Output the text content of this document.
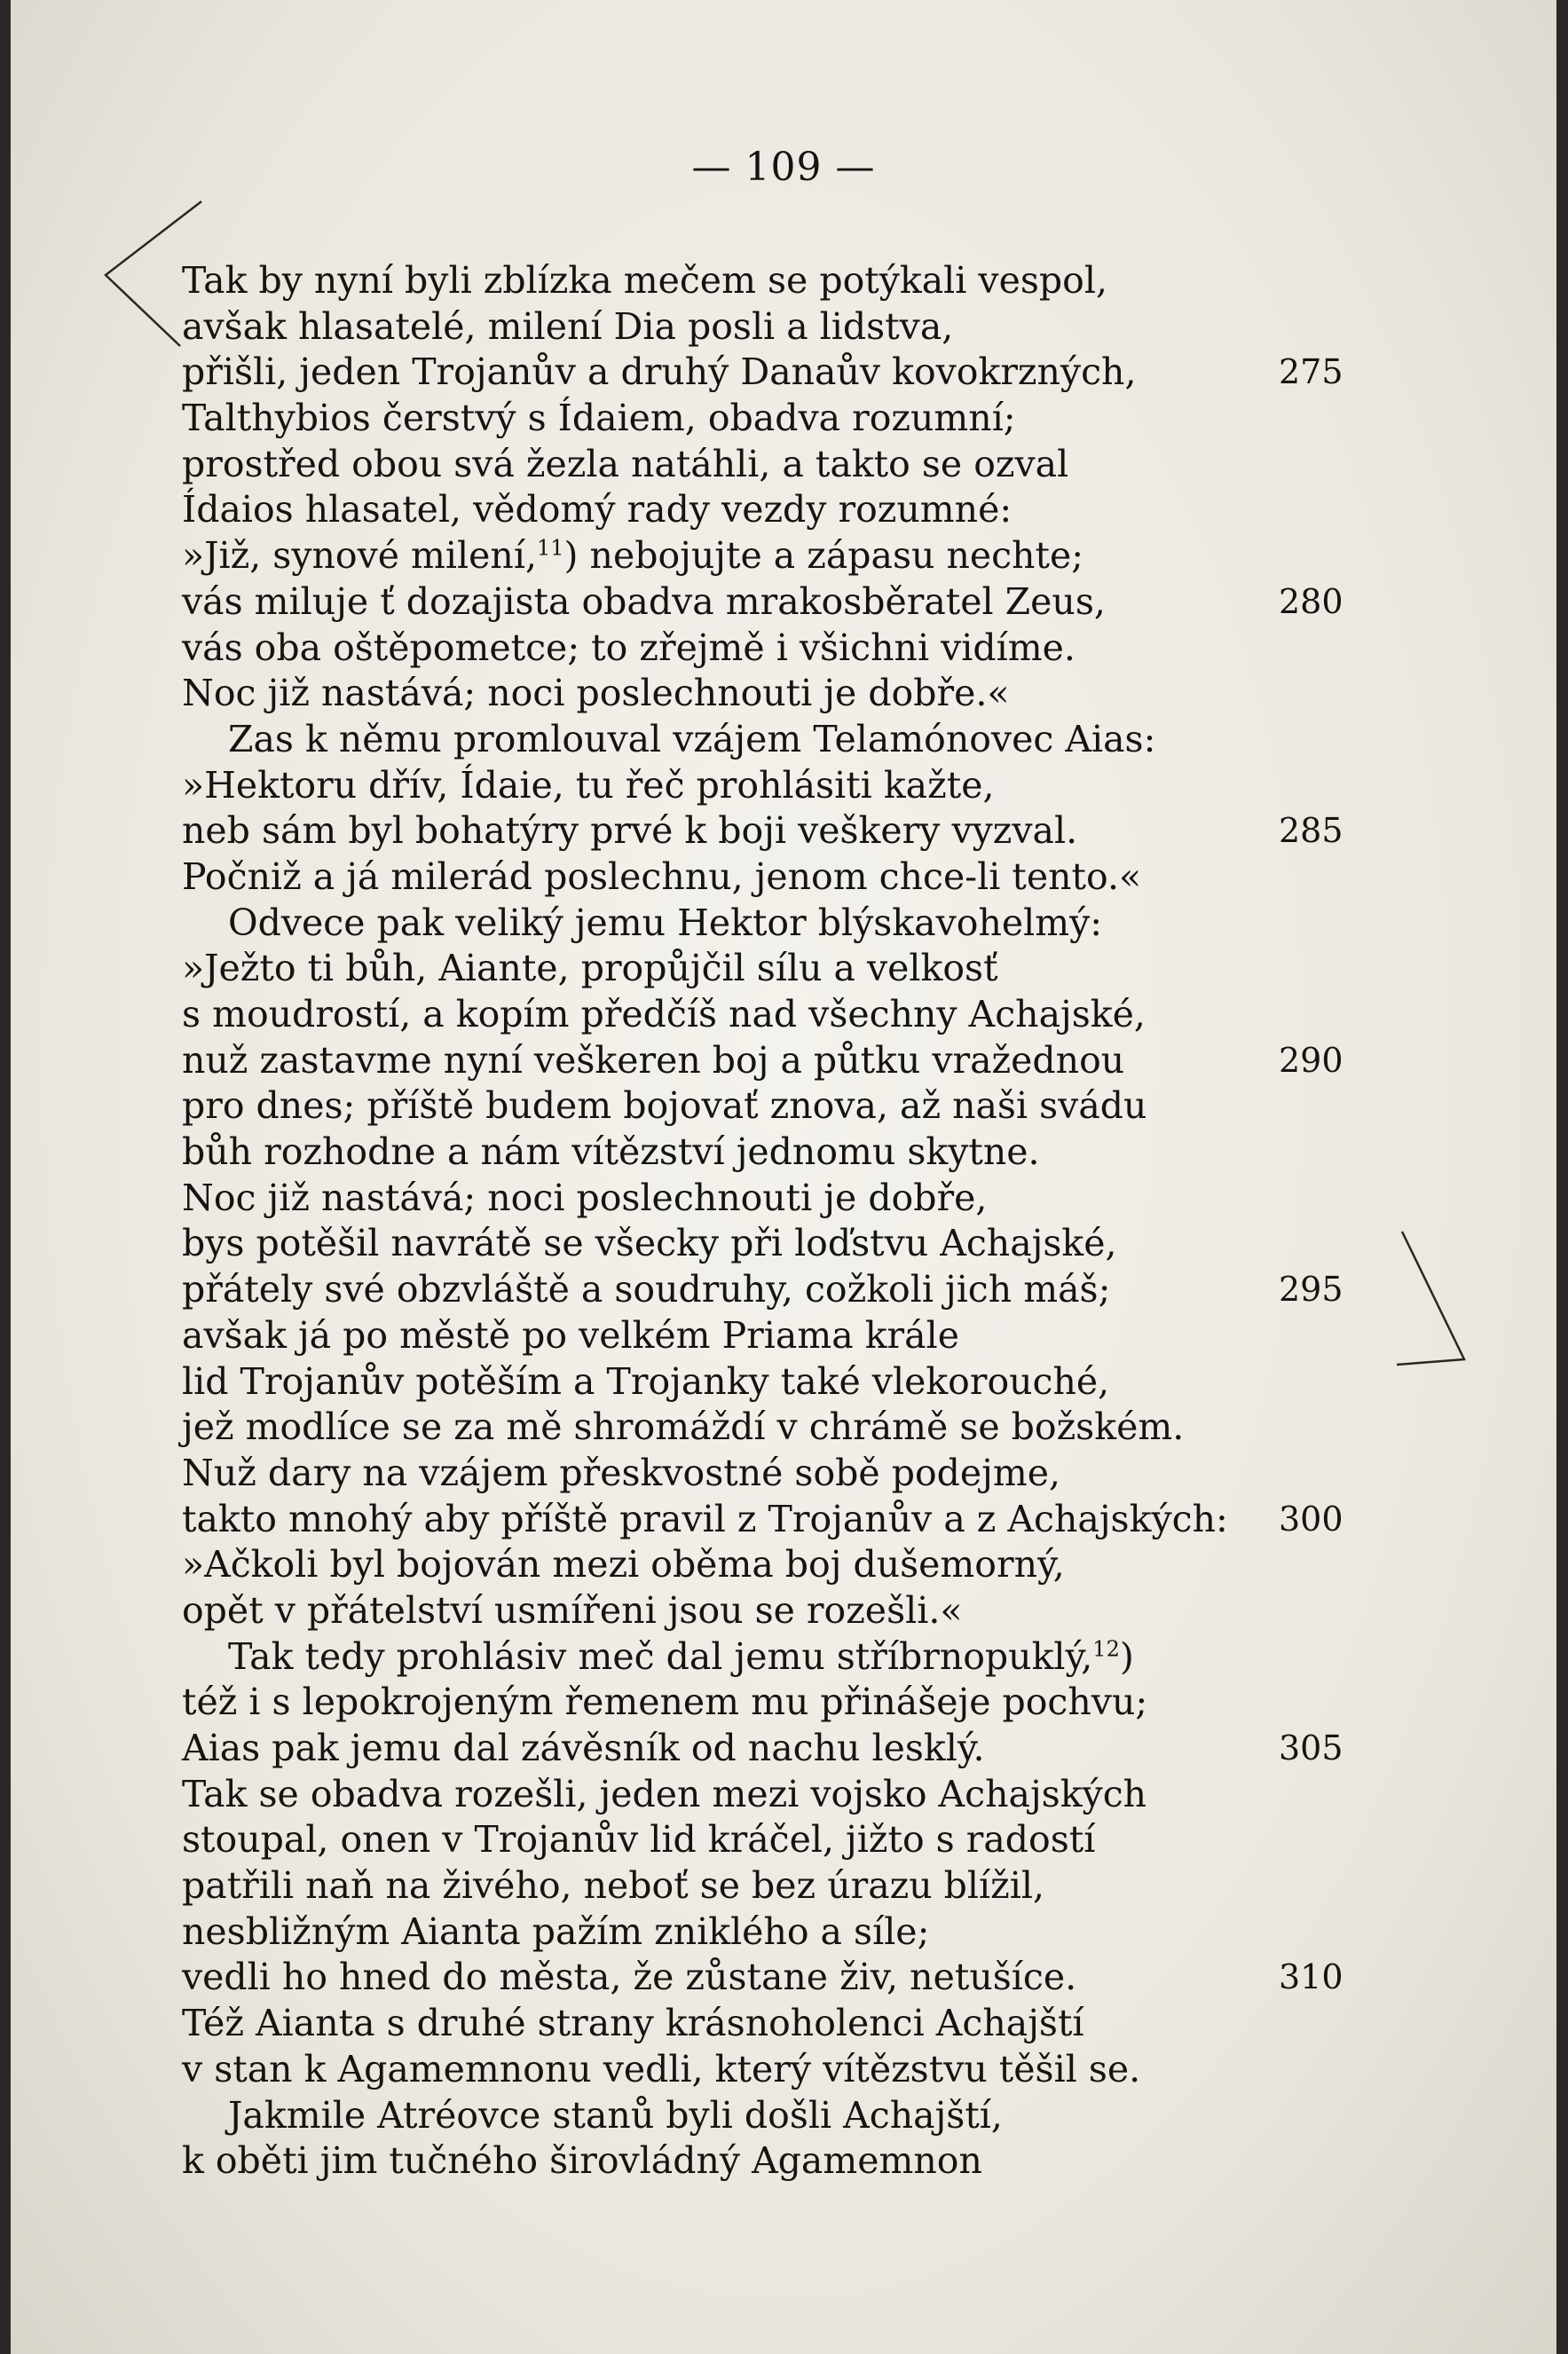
— 109 —
Tak by nyní byli zblízka mečem se potýkali vespol,
avšak hlasatelé, milení Dia posli a lidstva,
přišli, jeden Trojanův a druhý Danaův kovokrzných,	275
Talthybios čerstvý s Ídaiem, obadva rozumní;
prostřed obou svá žezla natáhli, a takto se ozval
Ídaios hlasatel, vědomý rady vezdy rozumné:
»Již, synové milení,$^{11}$) nebojujte a zápasu nechte;
vás miluje ť dozajista obadva mrakosběratel Zeus,	280
vás oba oštěpometce; to zřejmě i všichni vidíme.
Noc již nastává; noci poslechnouti je dobře.«
Zas k němu promlouval vzájem Telamónovec Aias:
»Hektoru dřív, Ídaie, tu řeč prohlásiti kažte,
neb sám byl bohatýry prvé k boji veškery vyzval.	285
Počniž a já milerád poslechnu, jenom chce-li tento.«
Odvece pak veliký jemu Hektor blýskavohelmý:
»Ježto ti bůh, Aiante, propůjčil sílu a velkosť
s moudrostí, a kopím předčíš nad všechny Achajské,
nuž zastavme nyní veškeren boj a půtku vražednou	290
pro dnes; příště budem bojovať znova, až naši svádu
bůh rozhodne a nám vítězství jednomu skytne.
Noc již nastává; noci poslechnouti je dobře,
bys potěšil navrátě se všecky při loďstvu Achajské,
přátely své obzvláště a soudruhy, cožkoli jich máš;	295
avšak já po městě po velkém Priama krále
lid Trojanův potěším a Trojanky také vlekorouché,
jež modlíce se za mě shromáždí v chrámě se božském.
Nuž dary na vzájem přeskvostné sobě podejme,
takto mnohý aby příště pravil z Trojanův a z Achajských: 300
»Ačkoli byl bojován mezi oběma boj dušemorný,
opět v přátelství usmířeni jsou se rozešli.«
Tak tedy prohlásiv meč dal jemu stříbrnopuklý,$^{12}$)
též i s lepokrojeným řemenem mu přinášeje pochvu;
Aias pak jemu dal závěsník od nachu lesklý.	305
Tak se obadva rozešli, jeden mezi vojsko Achajských
stoupal, onen v Trojanův lid kráčel, jižto s radostí
patřili naň na živého, neboť se bez úrazu blížil,
nesbližným Aianta pažím zniklého a síle;
vedli ho hned do města, že zůstane živ, netušíce.	310
Též Aianta s druhé strany krásnoholenci Achajští
v stan k Agamemnonu vedli, který vítězstvu těšil se.
Jakmile Atréovce stanů byli došli Achajští,
k oběti jim tučného širovládný Agamemnon
